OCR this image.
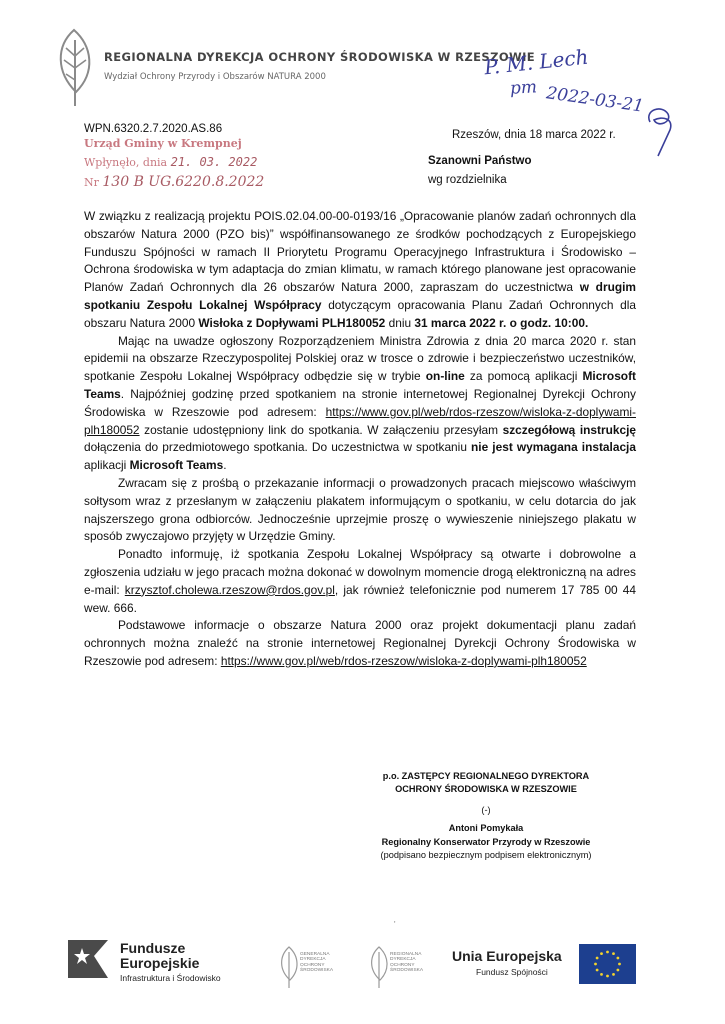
REGIONALNA DYREKCJA OCHRONY ŚRODOWISKA W RZESZOWIE
Wydział Ochrony Przyrody i Obszarów NATURA 2000	P. M. Lech
pm 2022-03-21
WPN.6320.2.7.2020.AS.86
Urząd Gminy w Krempnej
Wpłynęło, dnia 21. 03. 2022
Nr 130 B UG.6220.8.2022
Rzeszów, dnia 18 marca 2022 r.
Szanowni Państwo
wg rozdzielnika

W związku z realizacją projektu POIS.02.04.00-00-0193/16 „Opracowanie planów zadań ochronnych dla obszarów Natura 2000 (PZO bis)” współfinansowanego ze środków pochodzących z Europejskiego Funduszu Spójności w ramach II Priorytetu Programu Operacyjnego Infrastruktura i Środowisko – Ochrona środowiska w tym adaptacja do zmian klimatu, w ramach którego planowane jest opracowanie Planów Zadań Ochronnych dla 26 obszarów Natura 2000, zapraszam do uczestnictwa w drugim spotkaniu Zespołu Lokalnej Współpracy dotyczącym opracowania Planu Zadań Ochronnych dla obszaru Natura 2000 Wisłoka z Dopływami PLH180052 dniu 31 marca 2022 r. o godz. 10:00.

Mając na uwadze ogłoszony Rozporządzeniem Ministra Zdrowia z dnia 20 marca 2020 r. stan epidemii na obszarze Rzeczypospolitej Polskiej oraz w trosce o zdrowie i bezpieczeństwo uczestników, spotkanie Zespołu Lokalnej Współpracy odbędzie się w trybie on-line za pomocą aplikacji Microsoft Teams. Najpóźniej godzinę przed spotkaniem na stronie internetowej Regionalnej Dyrekcji Ochrony Środowiska w Rzeszowie pod adresem: https://www.gov.pl/web/rdos-rzeszow/wisloka-z-doplywami-plh180052 zostanie udostępniony link do spotkania. W załączeniu przesyłam szczegółową instrukcję dołączenia do przedmiotowego spotkania. Do uczestnictwa w spotkaniu nie jest wymagana instalacja aplikacji Microsoft Teams.

Zwracam się z prośbą o przekazanie informacji o prowadzonych pracach miejscowo właściwym sołtysom wraz z przesłanym w załączeniu plakatem informującym o spotkaniu, w celu dotarcia do jak najszerszego grona odbiorców. Jednocześnie uprzejmie proszę o wywieszenie niniejszego plakatu w sposób zwyczajowo przyjęty w Urzędzie Gminy.

Ponadto informuję, iż spotkania Zespołu Lokalnej Współpracy są otwarte i dobrowolne a zgłoszenia udziału w jego pracach można dokonać w dowolnym momencie drogą elektroniczną na adres e-mail: krzysztof.cholewa.rzeszow@rdos.gov.pl, jak również telefonicznie pod numerem 17 785 00 44 wew. 666.

Podstawowe informacje o obszarze Natura 2000 oraz projekt dokumentacji planu zadań ochronnych można znaleźć na stronie internetowej Regionalnej Dyrekcji Ochrony Środowiska w Rzeszowie pod adresem: https://www.gov.pl/web/rdos-rzeszow/wisloka-z-doplywami-plh180052

p.o. ZASTĘPCY REGIONALNEGO DYREKTORA
OCHRONY ŚRODOWISKA W RZESZOWIE
(-)
Antoni Pomykała
Regionalny Konserwator Przyrody w Rzeszowie
(podpisano bezpiecznym podpisem elektronicznym)
'
Fundusze
Europejskie
Infrastruktura i Środowisko
GENERALNA DYREKCJA OCHRONY ŚRODOWISKA
REGIONALNA DYREKCJA OCHRONY ŚRODOWISKA
Unia Europejska
Fundusz Spójności
